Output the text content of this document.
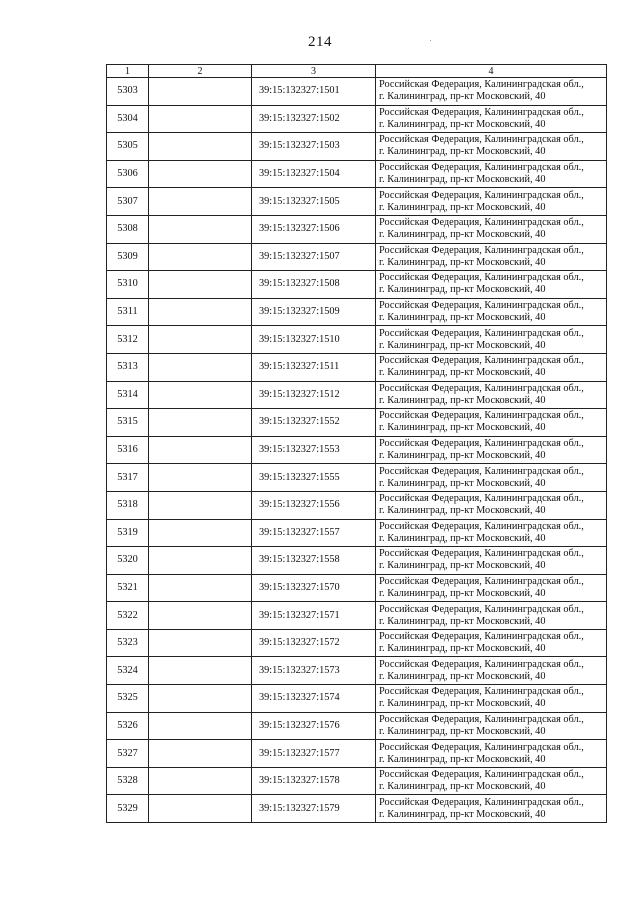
214
1	2	3	4
5303		39:15:132327:1501	Российская Федерация, Калининградская обл.,
г. Калининград, пр-кт Московский, 40

5304		39:15:132327:1502	Российская Федерация, Калининградская обл.,
г. Калининград, пр-кт Московский, 40

5305		39:15:132327:1503	Российская Федерация, Калининградская обл.,
г. Калининград, пр-кт Московский, 40

5306		39:15:132327:1504	Российская Федерация, Калининградская обл.,
г. Калининград, пр-кт Московский, 40

5307		39:15:132327:1505	Российская Федерация, Калининградская обл.,
г. Калининград, пр-кт Московский, 40

5308		39:15:132327:1506	Российская Федерация, Калининградская обл.,
г. Калининград, пр-кт Московский, 40

5309		39:15:132327:1507	Российская Федерация, Калининградская обл.,
г. Калининград, пр-кт Московский, 40

5310		39:15:132327:1508	Российская Федерация, Калининградская обл.,
г. Калининград, пр-кт Московский, 40

5311		39:15:132327:1509	Российская Федерация, Калининградская обл.,
г. Калининград, пр-кт Московский, 40

5312		39:15:132327:1510	Российская Федерация, Калининградская обл.,
г. Калининград, пр-кт Московский, 40

5313		39:15:132327:1511	Российская Федерация, Калининградская обл.,
г. Калининград, пр-кт Московский, 40

5314		39:15:132327:1512	Российская Федерация, Калининградская обл.,
г. Калининград, пр-кт Московский, 40

5315		39:15:132327:1552	Российская Федерация, Калининградская обл.,
г. Калининград, пр-кт Московский, 40

5316		39:15:132327:1553	Российская Федерация, Калининградская обл.,
г. Калининград, пр-кт Московский, 40

5317		39:15:132327:1555	Российская Федерация, Калининградская обл.,
г. Калининград, пр-кт Московский, 40

5318		39:15:132327:1556	Российская Федерация, Калининградская обл.,
г. Калининград, пр-кт Московский, 40

5319		39:15:132327:1557	Российская Федерация, Калининградская обл.,
г. Калининград, пр-кт Московский, 40

5320		39:15:132327:1558	Российская Федерация, Калининградская обл.,
г. Калининград, пр-кт Московский, 40

5321		39:15:132327:1570	Российская Федерация, Калининградская обл.,
г. Калининград, пр-кт Московский, 40

5322		39:15:132327:1571	Российская Федерация, Калининградская обл.,
г. Калининград, пр-кт Московский, 40

5323		39:15:132327:1572	Российская Федерация, Калининградская обл.,
г. Калининград, пр-кт Московский, 40

5324		39:15:132327:1573	Российская Федерация, Калининградская обл.,
г. Калининград, пр-кт Московский, 40

5325		39:15:132327:1574	Российская Федерация, Калининградская обл.,
г. Калининград, пр-кт Московский, 40

5326		39:15:132327:1576	Российская Федерация, Калининградская обл.,
г. Калининград, пр-кт Московский, 40

5327		39:15:132327:1577	Российская Федерация, Калининградская обл.,
г. Калининград, пр-кт Московский, 40

5328		39:15:132327:1578	Российская Федерация, Калининградская обл.,
г. Калининград, пр-кт Московский, 40

5329		39:15:132327:1579	Российская Федерация, Калининградская обл.,
г. Калининград, пр-кт Московский, 40
